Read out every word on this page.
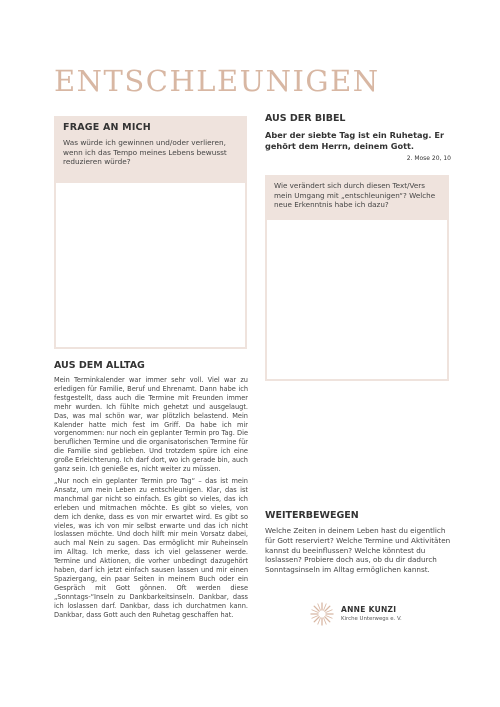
ENTSCHLEUNIGEN
FRAGE AN MICH
Was würde ich gewinnen und/oder verlieren, wenn ich das Tempo meines Lebens bewusst reduzieren würde?
AUS DER BIBEL
Aber der siebte Tag ist ein Ruhetag. Er gehört dem Herrn, deinem Gott.
2. Mose 20, 10
Wie verändert sich durch diesen Text/Vers mein Umgang mit „entschleunigen“? Welche neue Erkenntnis habe ich dazu?
AUS DEM ALLTAG

Mein Terminkalender war immer sehr voll. Viel war zu erledigen für Familie, Beruf und Ehrenamt. Dann habe ich festgestellt, dass auch die Termine mit Freunden immer mehr wurden. Ich fühlte mich gehetzt und ausgelaugt. Das, was mal schön war, war plötzlich belastend. Mein Kalender hatte mich fest im Griff. Da habe ich mir vorgenommen: nur noch ein geplanter Termin pro Tag. Die beruflichen Termine und die organisatorischen Termine für die Familie sind geblieben. Und trotzdem spüre ich eine große Erleichterung. Ich darf dort, wo ich gerade bin, auch ganz sein. Ich genieße es, nicht weiter zu müssen.

„Nur noch ein geplanter Termin pro Tag“ – das ist mein Ansatz, um mein Leben zu entschleunigen. Klar, das ist manchmal gar nicht so einfach. Es gibt so vieles, das ich erleben und mitmachen möchte. Es gibt so vieles, von dem ich denke, dass es von mir erwartet wird. Es gibt so vieles, was ich von mir selbst erwarte und das ich nicht loslassen möchte. Und doch hilft mir mein Vorsatz dabei, auch mal Nein zu sagen. Das ermöglicht mir Ruheinseln im Alltag. Ich merke, dass ich viel gelassener werde. Termine und Aktionen, die vorher unbedingt dazugehört haben, darf ich jetzt einfach sausen lassen und mir einen Spaziergang, ein paar Seiten in meinem Buch oder ein Gespräch mit Gott gönnen. Oft werden diese „Sonntags-“Inseln zu Dankbarkeitsinseln. Dankbar, dass ich loslassen darf. Dankbar, dass ich durchatmen kann. Dankbar, dass Gott auch den Ruhetag geschaffen hat.

WEITERBEWEGEN
Welche Zeiten in deinem Leben hast du eigentlich für Gott reserviert? Welche Termine und Aktivitäten kannst du beeinflussen? Welche könntest du loslassen? Probiere doch aus, ob du dir dadurch Sonntagsinseln im Alltag ermöglichen kannst.
ANNE KUNZI
Kirche Unterwegs e. V.
